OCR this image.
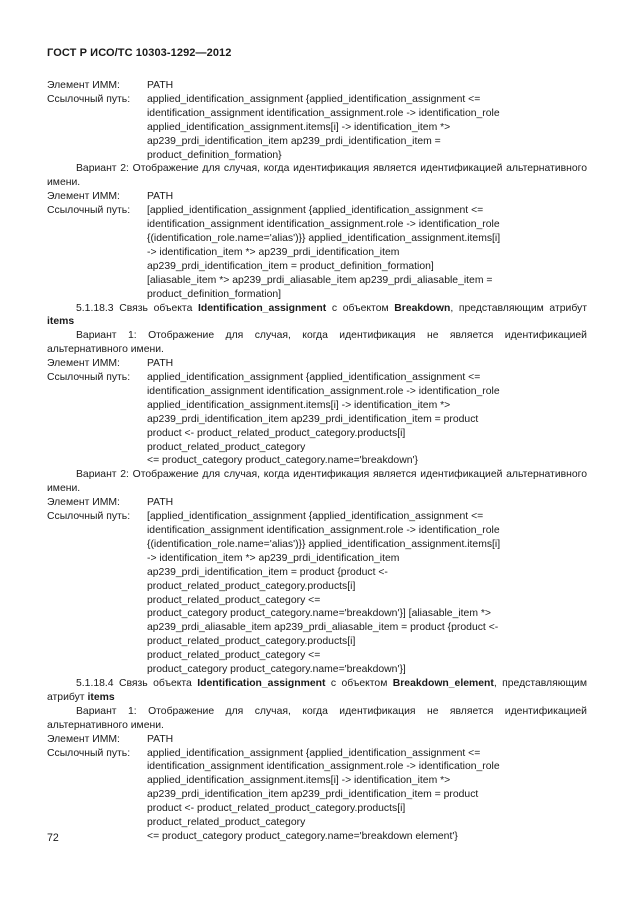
ГОСТ Р ИСО/ТС 10303-1292—2012
Элемент ИММ:	PATH
Ссылочный путь:	applied_identification_assignment {applied_identification_assignment <=
identification_assignment identification_assignment.role -> identification_role
applied_identification_assignment.items[i] -> identification_item *>
ap239_prdi_identification_item ap239_prdi_identification_item =
product_definition_formation}
Вариант 2: Отображение для случая, когда идентификация является идентификацией альтернативного имени.
Элемент ИММ:	PATH
Ссылочный путь:	[applied_identification_assignment {applied_identification_assignment <=
identification_assignment identification_assignment.role -> identification_role
{(identification_role.name='alias')}} applied_identification_assignment.items[i]
-> identification_item *> ap239_prdi_identification_item
ap239_prdi_identification_item = product_definition_formation]
[aliasable_item *> ap239_prdi_aliasable_item ap239_prdi_aliasable_item =
product_definition_formation]
5.1.18.3 Связь объекта Identification_assignment с объектом Breakdown, представляющим атрибут items
Вариант 1: Отображение для случая, когда идентификация не является идентификацией альтернативного имени.
Элемент ИММ:	PATH
Ссылочный путь:	applied_identification_assignment {applied_identification_assignment <=
identification_assignment identification_assignment.role -> identification_role
applied_identification_assignment.items[i] -> identification_item *>
ap239_prdi_identification_item ap239_prdi_identification_item = product
product <- product_related_product_category.products[i]
product_related_product_category
<= product_category product_category.name='breakdown'}
Вариант 2: Отображение для случая, когда идентификация является идентификацией альтернативного имени.
Элемент ИММ:	PATH
Ссылочный путь:	[applied_identification_assignment {applied_identification_assignment <=
identification_assignment identification_assignment.role -> identification_role
{(identification_role.name='alias')}} applied_identification_assignment.items[i]
-> identification_item *> ap239_prdi_identification_item
ap239_prdi_identification_item = product {product <-
product_related_product_category.products[i]
product_related_product_category <=
product_category product_category.name='breakdown'}] [aliasable_item *>
ap239_prdi_aliasable_item ap239_prdi_aliasable_item = product {product <-
product_related_product_category.products[i]
product_related_product_category <=
product_category product_category.name='breakdown'}]
5.1.18.4 Связь объекта Identification_assignment с объектом Breakdown_element, представляющим атрибут items
Вариант 1: Отображение для случая, когда идентификация не является идентификацией альтернативного имени.
Элемент ИММ:	PATH
Ссылочный путь:	applied_identification_assignment {applied_identification_assignment <=
identification_assignment identification_assignment.role -> identification_role
applied_identification_assignment.items[i] -> identification_item *>
ap239_prdi_identification_item ap239_prdi_identification_item = product
product <- product_related_product_category.products[i]
product_related_product_category
<= product_category product_category.name='breakdown element'}
72
